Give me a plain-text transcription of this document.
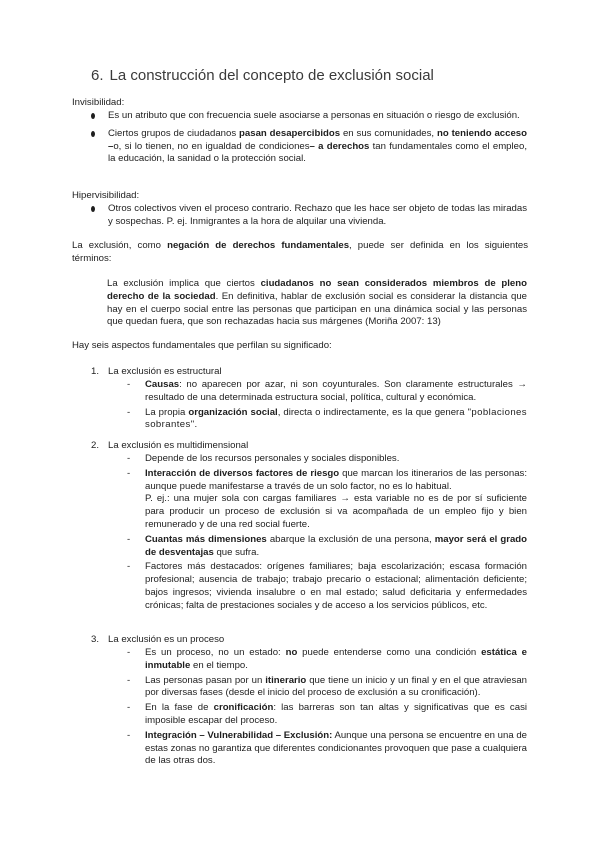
6. La construcción del concepto de exclusión social
Invisibilidad:
Es un atributo que con frecuencia suele asociarse a personas en situación o riesgo de exclusión.
Ciertos grupos de ciudadanos pasan desapercibidos en sus comunidades, no teniendo acceso –o, si lo tienen, no en igualdad de condiciones– a derechos tan fundamentales como el empleo, la educación, la sanidad o la protección social.
Hipervisibilidad:
Otros colectivos viven el proceso contrario. Rechazo que les hace ser objeto de todas las miradas y sospechas. P. ej. Inmigrantes a la hora de alquilar una vivienda.
La exclusión, como negación de derechos fundamentales, puede ser definida en los siguientes términos:
La exclusión implica que ciertos ciudadanos no sean considerados miembros de pleno derecho de la sociedad. En definitiva, hablar de exclusión social es considerar la distancia que hay en el cuerpo social entre las personas que participan en una dinámica social y las personas que quedan fuera, que son rechazadas hacia sus márgenes (Moriña 2007: 13)
Hay seis aspectos fundamentales que perfilan su significado:
1. La exclusión es estructural
- Causas: no aparecen por azar, ni son coyunturales. Son claramente estructurales → resultado de una determinada estructura social, política, cultural y económica.
- La propia organización social, directa o indirectamente, es la que genera "poblaciones sobrantes".
2. La exclusión es multidimensional
- Depende de los recursos personales y sociales disponibles.
- Interacción de diversos factores de riesgo que marcan los itinerarios de las personas: aunque puede manifestarse a través de un solo factor, no es lo habitual.
P. ej.: una mujer sola con cargas familiares → esta variable no es de por sí suficiente para producir un proceso de exclusión si va acompañada de un empleo fijo y bien remunerado y de una red social fuerte.
- Cuantas más dimensiones abarque la exclusión de una persona, mayor será el grado de desventajas que sufra.
- Factores más destacados: orígenes familiares; baja escolarización; escasa formación profesional; ausencia de trabajo; trabajo precario o estacional; alimentación deficiente; bajos ingresos; vivienda insalubre o en mal estado; salud deficitaria y enfermedades crónicas; falta de prestaciones sociales y de acceso a los servicios públicos, etc.
3. La exclusión es un proceso
- Es un proceso, no un estado: no puede entenderse como una condición estática e inmutable en el tiempo.
- Las personas pasan por un itinerario que tiene un inicio y un final y en el que atraviesan por diversas fases (desde el inicio del proceso de exclusión a su cronificación).
- En la fase de cronificación: las barreras son tan altas y significativas que es casi imposible escapar del proceso.
- Integración – Vulnerabilidad – Exclusión: Aunque una persona se encuentre en una de estas zonas no garantiza que diferentes condicionantes provoquen que pase a cualquiera de las otras dos.
